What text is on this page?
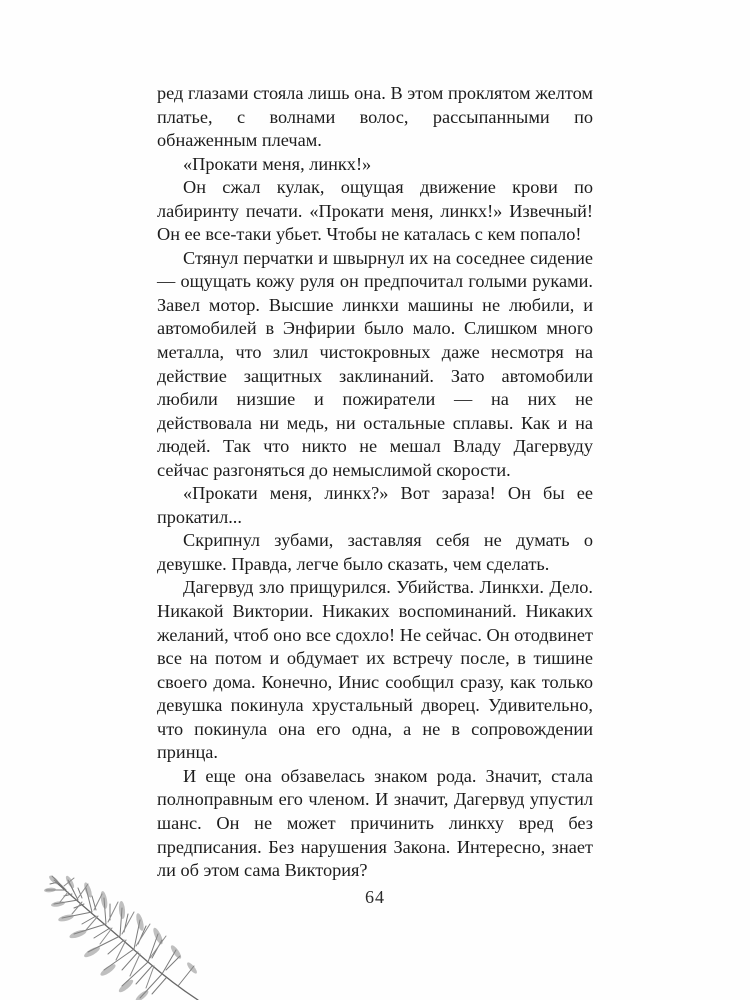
ред глазами стояла лишь она. В этом проклятом желтом платье, с волнами волос, рассыпанными по обнаженным плечам.

«Прокати меня, линкх!»

Он сжал кулак, ощущая движение крови по лабиринту печати. «Прокати меня, линкх!» Извечный! Он ее все-таки убьет. Чтобы не каталась с кем попало!

Стянул перчатки и швырнул их на соседнее сидение — ощущать кожу руля он предпочитал голыми руками. Завел мотор. Высшие линкхи машины не любили, и автомобилей в Энфирии было мало. Слишком много металла, что злил чистокровных даже несмотря на действие защитных заклинаний. Зато автомобили любили низшие и пожиратели — на них не действовала ни медь, ни остальные сплавы. Как и на людей. Так что никто не мешал Владу Дагервуду сейчас разгоняться до немыслимой скорости.

«Прокати меня, линкх?» Вот зараза! Он бы ее прокатил...

Скрипнул зубами, заставляя себя не думать о девушке. Правда, легче было сказать, чем сделать.

Дагервуд зло прищурился. Убийства. Линкхи. Дело. Никакой Виктории. Никаких воспоминаний. Никаких желаний, чтоб оно все сдохло! Не сейчас. Он отодвинет все на потом и обдумает их встречу после, в тишине своего дома. Конечно, Инис сообщил сразу, как только девушка покинула хрустальный дворец. Удивительно, что покинула она его одна, а не в сопровождении принца.

И еще она обзавелась знаком рода. Значит, стала полноправным его членом. И значит, Дагервуд упустил шанс. Он не может причинить линкху вред без предписания. Без нарушения Закона. Интересно, знает ли об этом сама Виктория?

64
